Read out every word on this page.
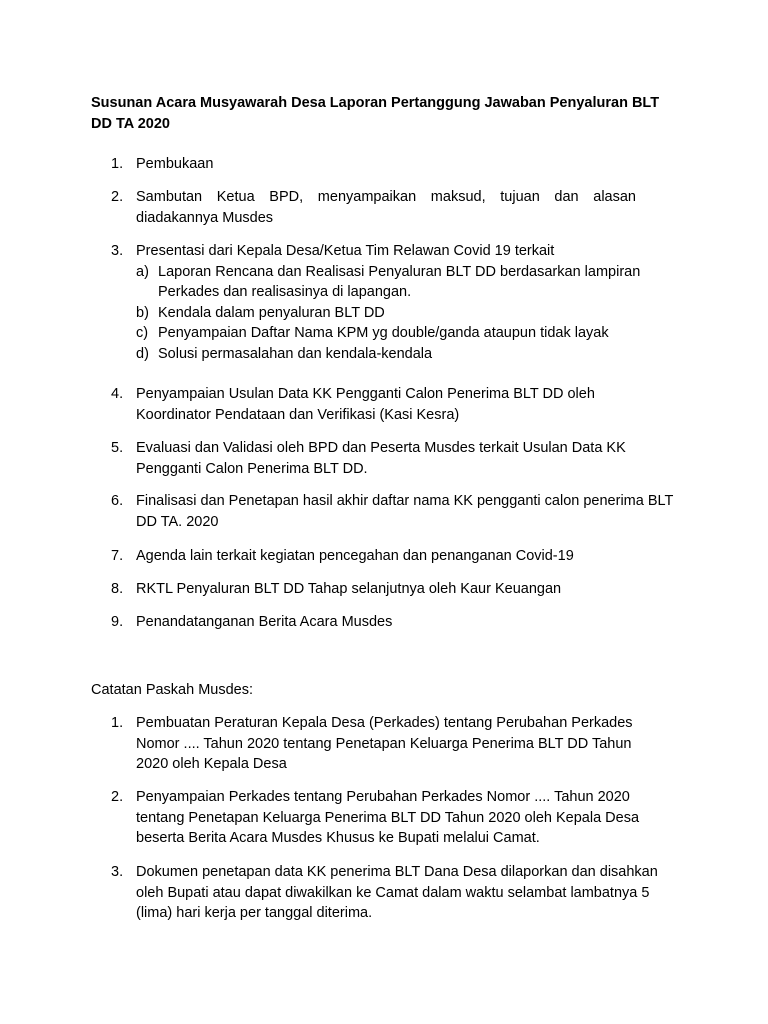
Susunan Acara Musyawarah Desa Laporan Pertanggung Jawaban Penyaluran BLT DD TA 2020
1. Pembukaan
2. Sambutan Ketua BPD, menyampaikan maksud, tujuan dan alasan diadakannya Musdes
3. Presentasi dari Kepala Desa/Ketua Tim Relawan Covid 19 terkait
a) Laporan Rencana dan Realisasi Penyaluran BLT DD berdasarkan lampiran Perkades dan realisasinya di lapangan.
b) Kendala dalam penyaluran BLT DD
c) Penyampaian Daftar Nama KPM yg double/ganda ataupun tidak layak
d) Solusi permasalahan dan kendala-kendala
4. Penyampaian Usulan Data KK Pengganti Calon Penerima BLT DD oleh Koordinator Pendataan dan Verifikasi (Kasi Kesra)
5. Evaluasi dan Validasi oleh BPD dan Peserta Musdes terkait Usulan Data KK Pengganti Calon Penerima BLT DD.
6. Finalisasi dan Penetapan hasil akhir daftar nama KK pengganti calon penerima BLT DD TA. 2020
7. Agenda lain terkait kegiatan pencegahan dan penanganan Covid-19
8. RKTL Penyaluran BLT DD Tahap selanjutnya oleh Kaur Keuangan
9. Penandatanganan Berita Acara Musdes
Catatan Paskah Musdes:
1. Pembuatan Peraturan Kepala Desa (Perkades) tentang Perubahan Perkades Nomor .... Tahun 2020 tentang Penetapan Keluarga Penerima BLT DD Tahun 2020 oleh Kepala Desa
2. Penyampaian Perkades tentang Perubahan Perkades Nomor .... Tahun 2020 tentang Penetapan Keluarga Penerima BLT DD Tahun 2020 oleh Kepala Desa beserta Berita Acara Musdes Khusus ke Bupati melalui Camat.
3. Dokumen penetapan data KK penerima BLT Dana Desa dilaporkan dan disahkan oleh Bupati atau dapat diwakilkan ke Camat dalam waktu selambat lambatnya 5 (lima) hari kerja per tanggal diterima.
